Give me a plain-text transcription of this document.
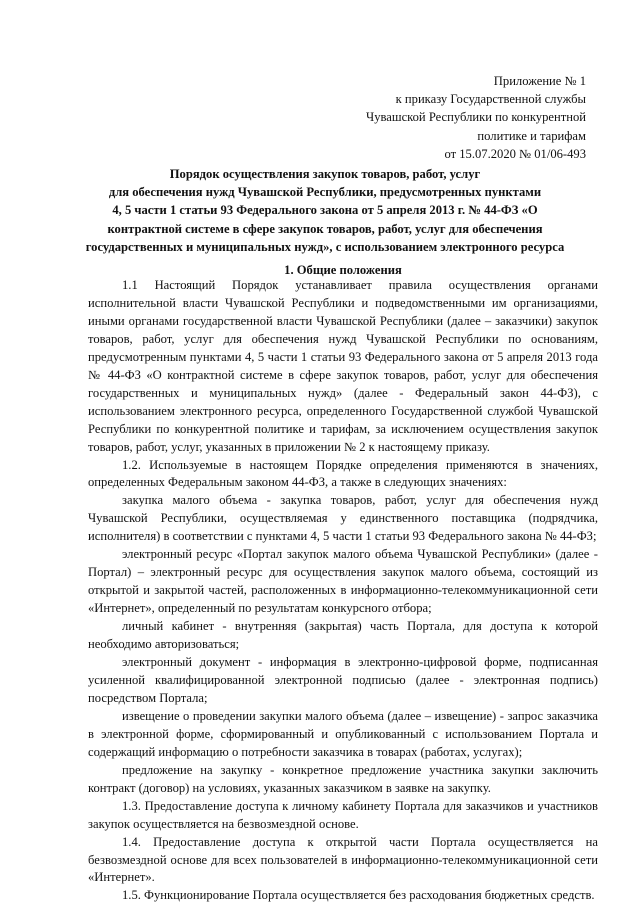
Приложение № 1
к приказу Государственной службы
Чувашской Республики по конкурентной
политике и тарифам
от 15.07.2020 № 01/06-493
Порядок осуществления закупок товаров, работ, услуг
для обеспечения нужд Чувашской Республики, предусмотренных пунктами
4, 5 части 1 статьи 93 Федерального закона от 5 апреля 2013 г. № 44-ФЗ «О
контрактной системе в сфере закупок товаров, работ, услуг для обеспечения
государственных и муниципальных нужд», с использованием электронного ресурса
1. Общие положения

1.1 Настоящий Порядок устанавливает правила осуществления органами исполнительной власти Чувашской Республики и подведомственными им организациями, иными органами государственной власти Чувашской Республики (далее – заказчики) закупок товаров, работ, услуг для обеспечения нужд Чувашской Республики по основаниям, предусмотренным пунктами 4, 5 части 1 статьи 93 Федерального закона от 5 апреля 2013 года № 44-ФЗ «О контрактной системе в сфере закупок товаров, работ, услуг для обеспечения государственных и муниципальных нужд» (далее - Федеральный закон 44-ФЗ), с использованием электронного ресурса, определенного Государственной службой Чувашской Республики по конкурентной политике и тарифам, за исключением осуществления закупок товаров, работ, услуг, указанных в приложении № 2 к настоящему приказу.

1.2. Используемые в настоящем Порядке определения применяются в значениях, определенных Федеральным законом 44-ФЗ, а также в следующих значениях:

закупка малого объема - закупка товаров, работ, услуг для обеспечения нужд Чувашской Республики, осуществляемая у единственного поставщика (подрядчика, исполнителя) в соответствии с пунктами 4, 5 части 1 статьи 93 Федерального закона № 44-ФЗ;

электронный ресурс «Портал закупок малого объема Чувашской Республики» (далее - Портал) – электронный ресурс для осуществления закупок малого объема, состоящий из открытой и закрытой частей, расположенных в информационно-телекоммуникационной сети «Интернет», определенный по результатам конкурсного отбора;

личный кабинет - внутренняя (закрытая) часть Портала, для доступа к которой необходимо авторизоваться;

электронный документ - информация в электронно-цифровой форме, подписанная усиленной квалифицированной электронной подписью (далее - электронная подпись) посредством Портала;

извещение о проведении закупки малого объема (далее – извещение) - запрос заказчика в электронной форме, сформированный и опубликованный с использованием Портала и содержащий информацию о потребности заказчика в товарах (работах, услугах);

предложение на закупку - конкретное предложение участника закупки заключить контракт (договор) на условиях, указанных заказчиком в заявке на закупку.

1.3. Предоставление доступа к личному кабинету Портала для заказчиков и участников закупок осуществляется на безвозмездной основе.

1.4. Предоставление доступа к открытой части Портала осуществляется на безвозмездной основе для всех пользователей в информационно-телекоммуникационной сети «Интернет».

1.5. Функционирование Портала осуществляется без расходования бюджетных средств.
